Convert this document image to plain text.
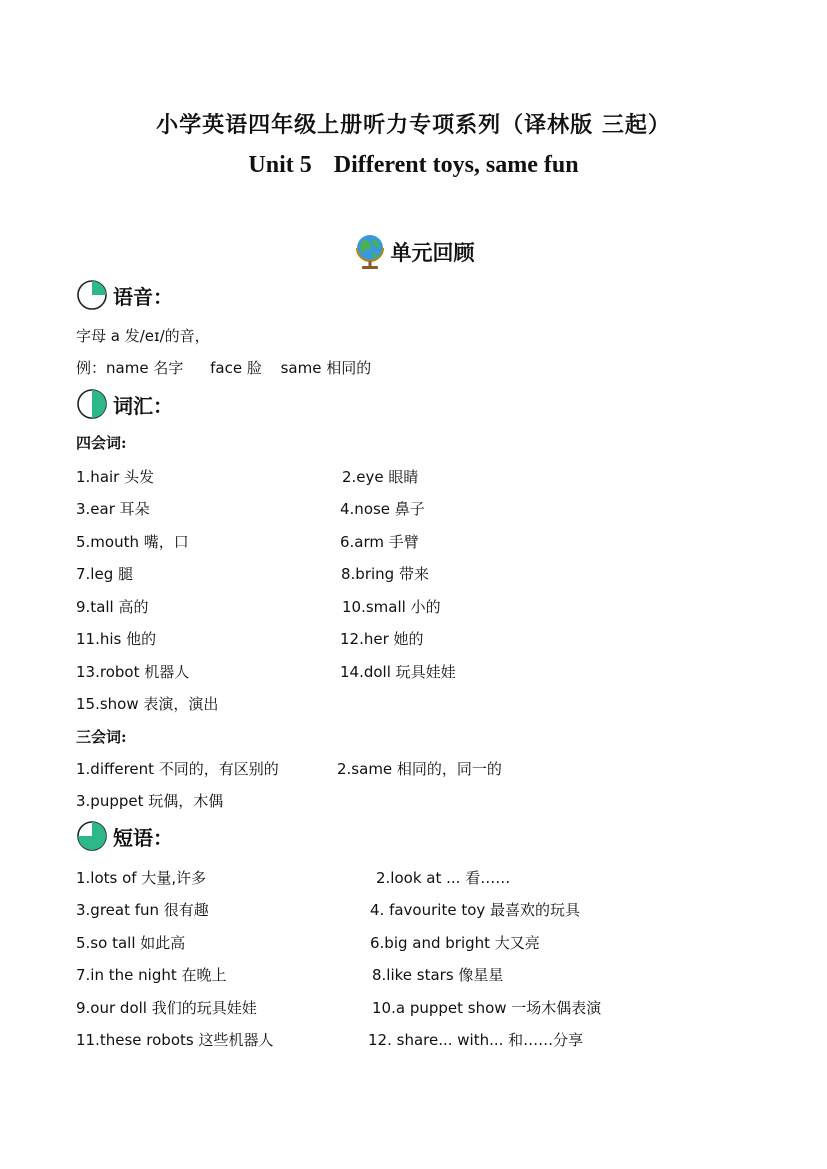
小学英语四年级上册听力专项系列（译林版 三起）
Unit 5 Different toys, same fun
单元回顾
语音：
字母 a 发/eɪ/的音，
例：name 名字 face 脸 same 相同的
词汇：
四会词:
1.hair 头发	2.eye 眼睛
3.ear 耳朵	4.nose 鼻子
5.mouth 嘴，口	6.arm 手臂
7.leg 腿	8.bring 带来
9.tall 高的	10.small 小的
11.his 他的	12.her 她的
13.robot 机器人	14.doll 玩具娃娃
15.show 表演，演出
三会词:
1.different 不同的，有区别的	2.same 相同的，同一的
3.puppet 玩偶，木偶
短语：
1.lots of 大量,许多	2.look at ... 看……
3.great fun 很有趣	4. favourite toy 最喜欢的玩具
5.so tall 如此高	6.big and bright 大又亮
7.in the night 在晚上	8.like stars 像星星
9.our doll 我们的玩具娃娃	10.a puppet show 一场木偶表演
11.these robots 这些机器人	12. share... with... 和……分享
